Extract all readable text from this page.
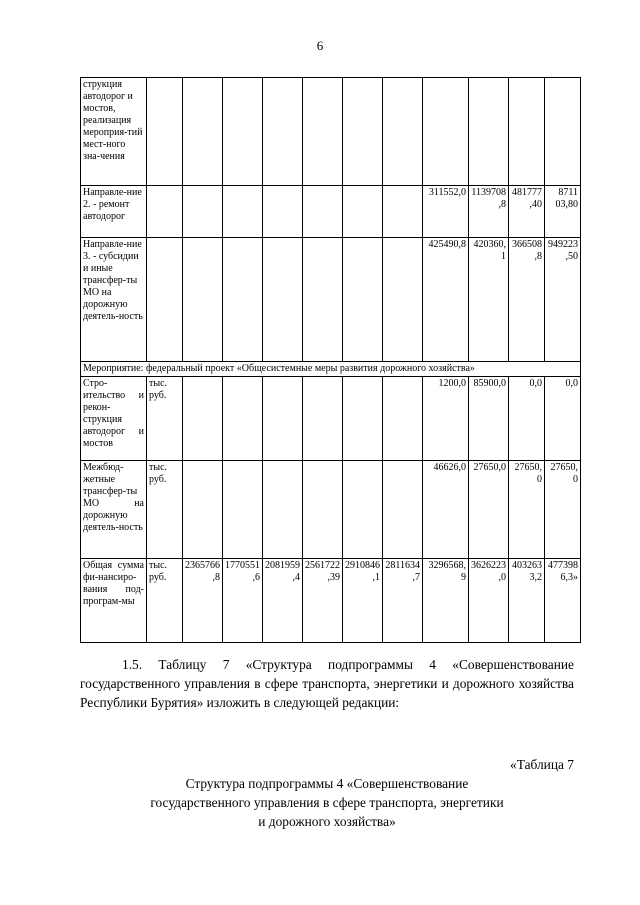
6
струкция автодорог и мостов, реализация мероприя-тий мест-ного зна-чения											
Направле-ние 2. - ремонт автодорог								311552,0	1139708,8	481777,40	8711 03,80
Направле-ние 3. - субсидии и иные трансфер-ты МО на дорожную деятель-ность								425490,8	420360,1	366508,8	949223,50
Мероприятие: федеральный проект «Общесистемные меры развития дорожного хозяйства»											
Стро-ительство и рекон-струкция автодорог и мостов	тыс. руб.							1200,0	85900,0	0,0	0,0
Межбюд-жетные трансфер-ты МО на дорожную деятель-ность	тыс. руб.							46626,0	27650,0	27650,0	27650,0
Общая сумма фи-нансиро-вания под-програм-мы	тыс. руб.	2365766,8	1770551,6	2081959,4	2561722,39	2910846,1	2811634,7	3296568,9	3626223,0	4032633,2	4773986,3»
1.5. Таблицу 7 «Структура подпрограммы 4 «Совершенствование государственного управления в сфере транспорта, энергетики и дорожного хозяйства Республики Бурятия» изложить в следующей редакции:
«Таблица 7
Структура подпрограммы 4 «Совершенствование
государственного управления в сфере транспорта, энергетики
и дорожного хозяйства»
